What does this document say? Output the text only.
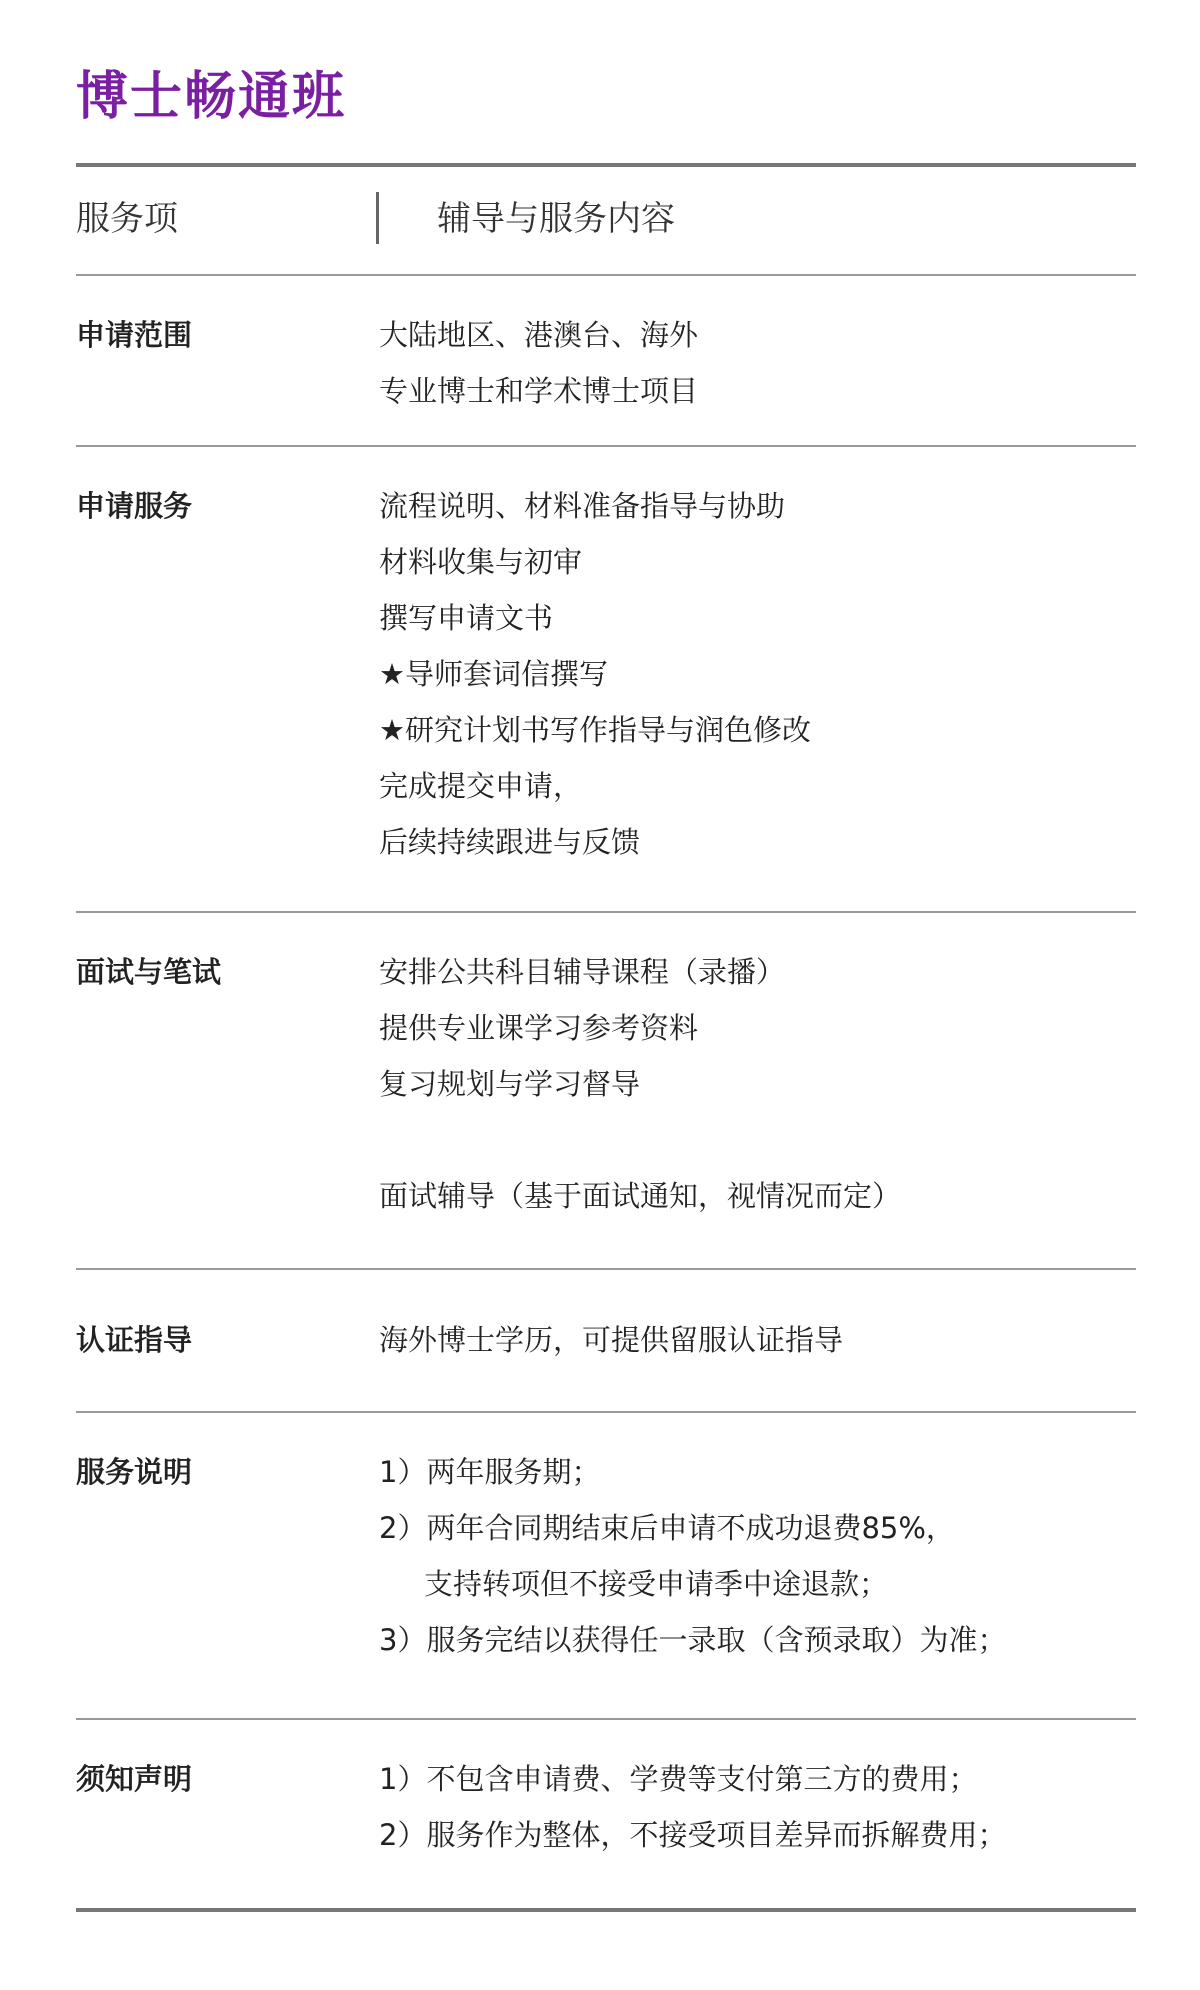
博士畅通班
服务项	辅导与服务内容
申请范围	大陆地区、港澳台、海外
专业博士和学术博士项目
申请服务	流程说明、材料准备指导与协助
材料收集与初审
撰写申请文书
★导师套词信撰写
★研究计划书写作指导与润色修改
完成提交申请，
后续持续跟进与反馈
面试与笔试	安排公共科目辅导课程（录播）
提供专业课学习参考资料
复习规划与学习督导
面试辅导（基于面试通知，视情况而定）
认证指导	海外博士学历，可提供留服认证指导
服务说明	1）两年服务期；
2）两年合同期结束后申请不成功退费85%，
支持转项但不接受申请季中途退款；
3）服务完结以获得任一录取（含预录取）为准；
须知声明	1）不包含申请费、学费等支付第三方的费用；
2）服务作为整体，不接受项目差异而拆解费用；
